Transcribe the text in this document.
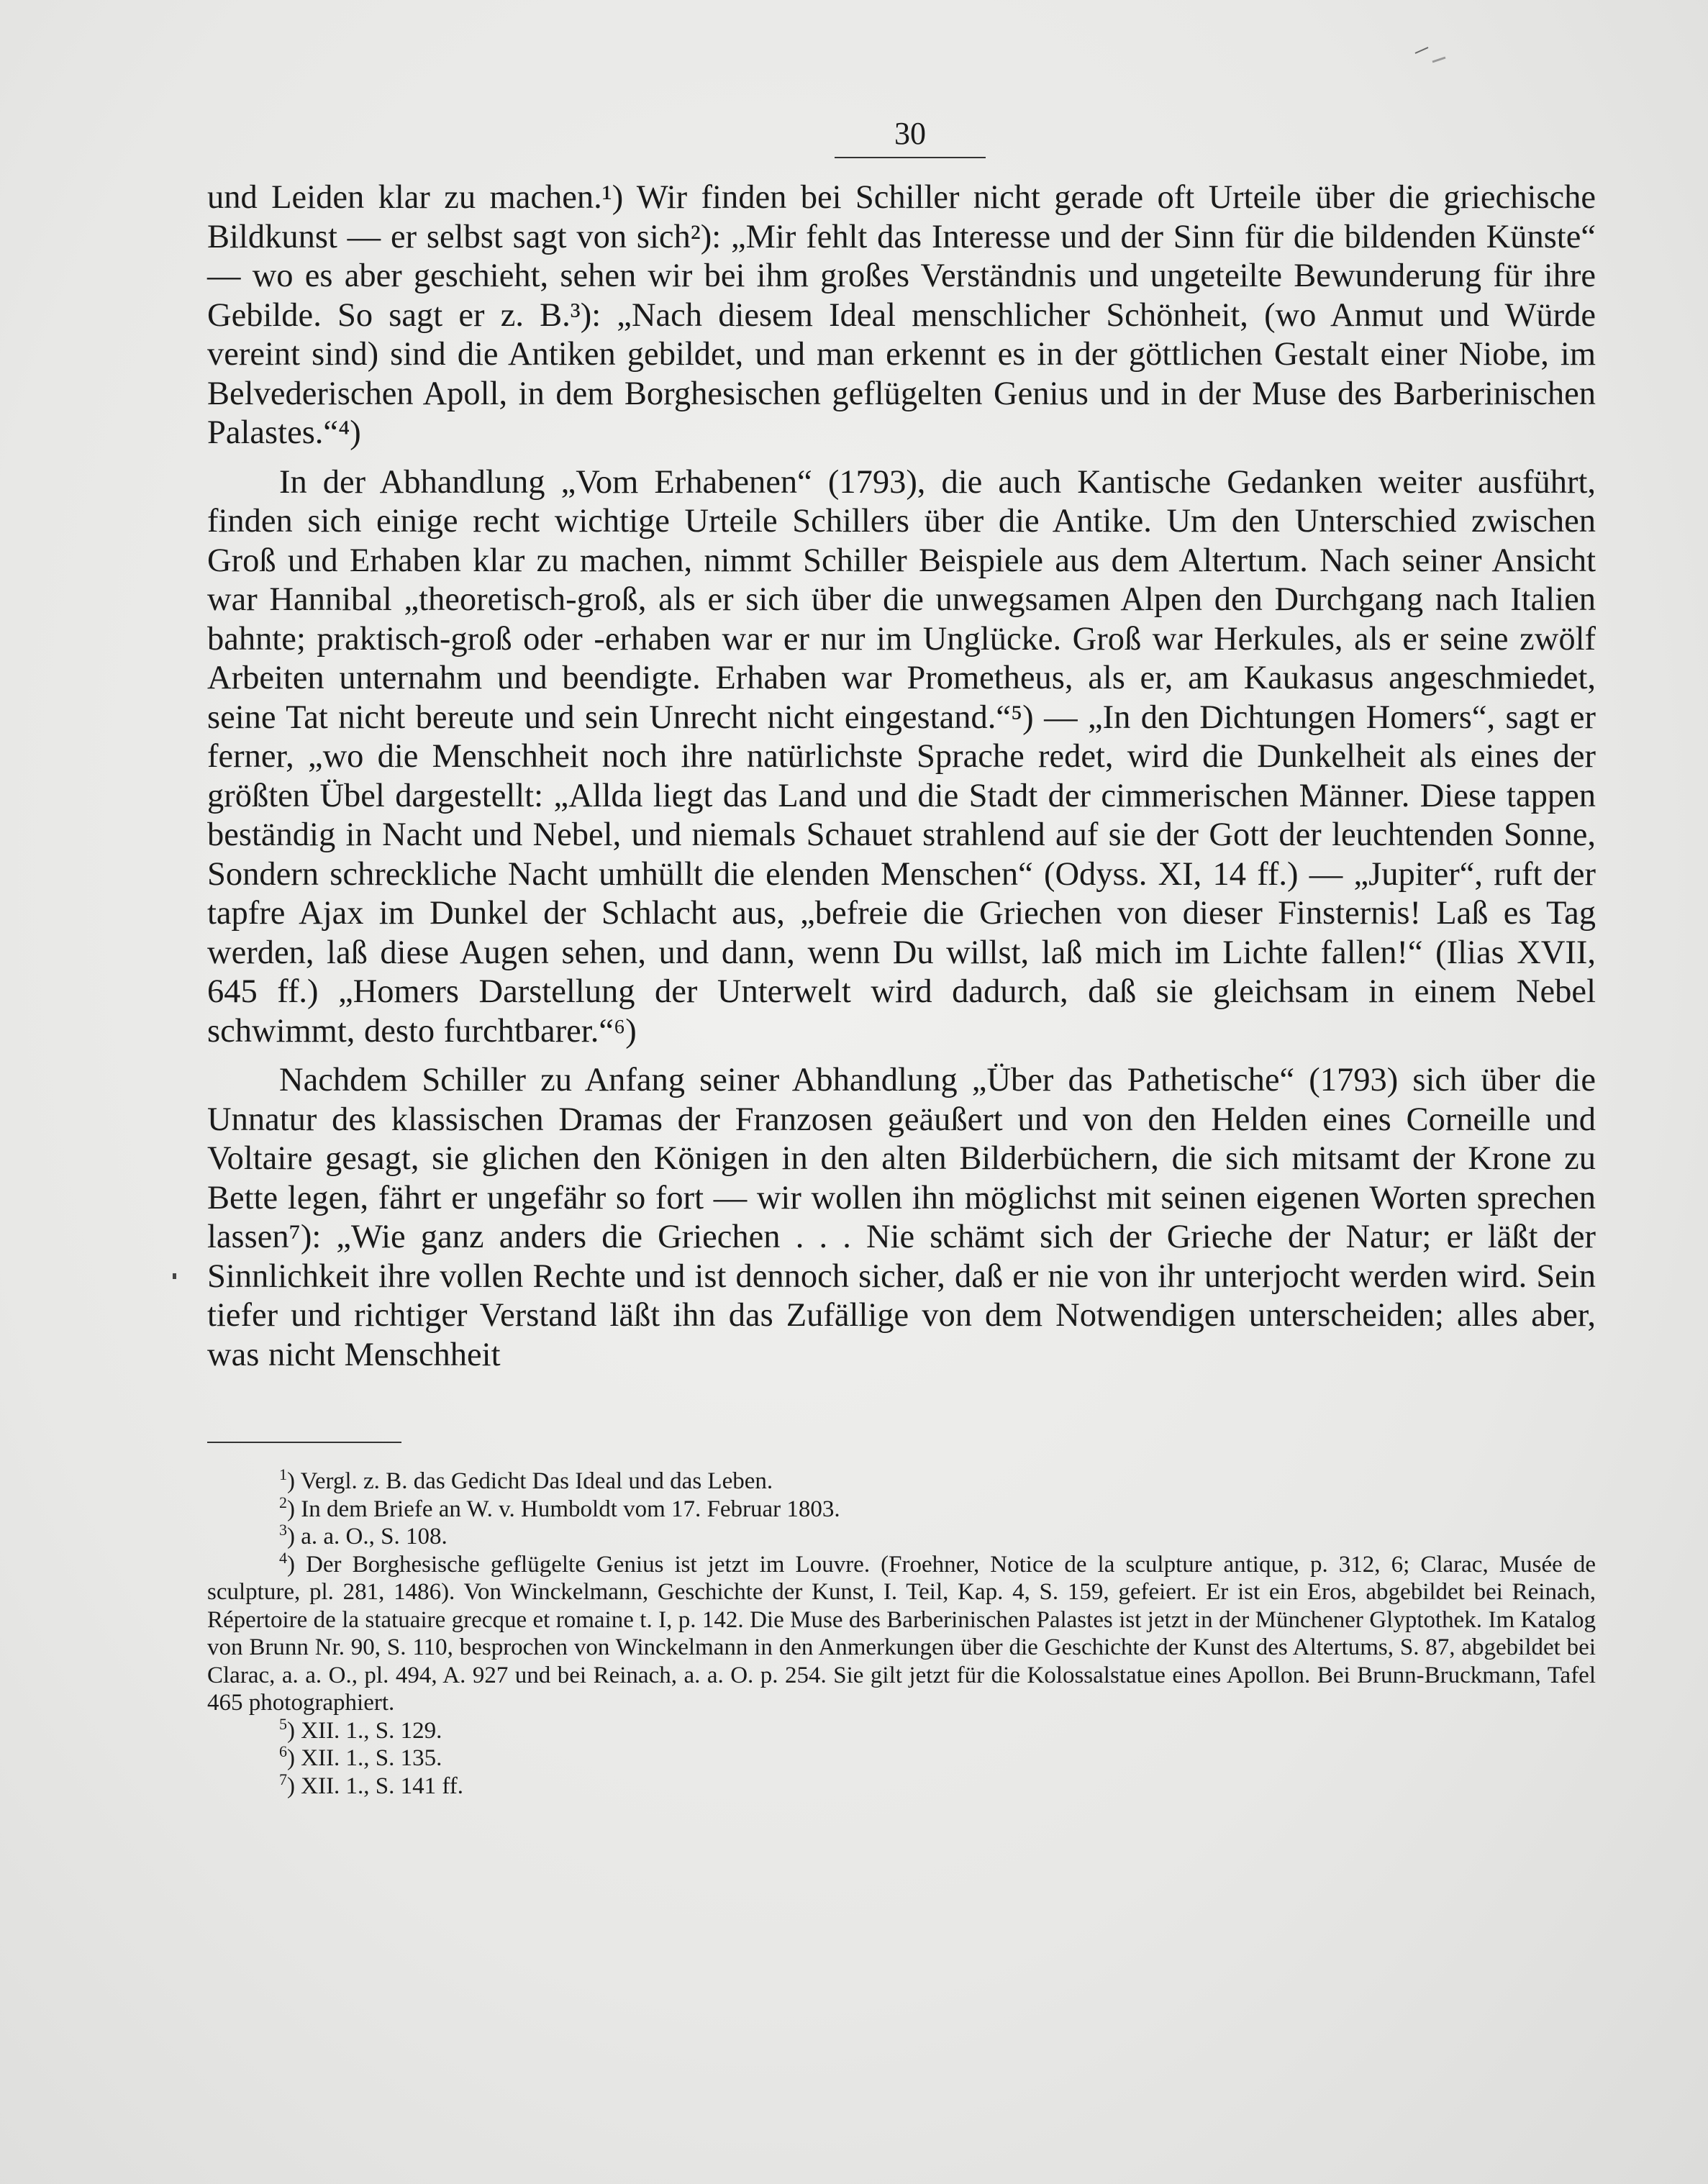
30

und Leiden klar zu machen.¹) Wir finden bei Schiller nicht gerade oft Urteile über die griechische Bildkunst — er selbst sagt von sich²): „Mir fehlt das Interesse und der Sinn für die bildenden Künste“ — wo es aber geschieht, sehen wir bei ihm großes Verständnis und ungeteilte Bewunderung für ihre Gebilde. So sagt er z. B.³): „Nach diesem Ideal menschlicher Schönheit, (wo Anmut und Würde vereint sind) sind die Antiken gebildet, und man erkennt es in der göttlichen Gestalt einer Niobe, im Belvederischen Apoll, in dem Borghesischen geflügelten Genius und in der Muse des Barberinischen Palastes.“⁴)

In der Abhandlung „Vom Erhabenen“ (1793), die auch Kantische Gedanken weiter ausführt, finden sich einige recht wichtige Urteile Schillers über die Antike. Um den Unterschied zwischen Groß und Erhaben klar zu machen, nimmt Schiller Beispiele aus dem Altertum. Nach seiner Ansicht war Hannibal „theoretisch-groß, als er sich über die unwegsamen Alpen den Durchgang nach Italien bahnte; praktisch-groß oder -erhaben war er nur im Unglücke. Groß war Herkules, als er seine zwölf Arbeiten unternahm und beendigte. Erhaben war Prometheus, als er, am Kaukasus angeschmiedet, seine Tat nicht bereute und sein Unrecht nicht eingestand.“⁵) — „In den Dichtungen Homers“, sagt er ferner, „wo die Menschheit noch ihre natürlichste Sprache redet, wird die Dunkelheit als eines der größten Übel dargestellt: „Allda liegt das Land und die Stadt der cimmerischen Männer. Diese tappen beständig in Nacht und Nebel, und niemals Schauet strahlend auf sie der Gott der leuchtenden Sonne, Sondern schreckliche Nacht umhüllt die elenden Menschen“ (Odyss. XI, 14 ff.) — „Jupiter“, ruft der tapfre Ajax im Dunkel der Schlacht aus, „befreie die Griechen von dieser Finsternis! Laß es Tag werden, laß diese Augen sehen, und dann, wenn Du willst, laß mich im Lichte fallen!“ (Ilias XVII, 645 ff.) „Homers Darstellung der Unterwelt wird dadurch, daß sie gleichsam in einem Nebel schwimmt, desto furchtbarer.“⁶)

Nachdem Schiller zu Anfang seiner Abhandlung „Über das Pathetische“ (1793) sich über die Unnatur des klassischen Dramas der Franzosen geäußert und von den Helden eines Corneille und Voltaire gesagt, sie glichen den Königen in den alten Bilderbüchern, die sich mitsamt der Krone zu Bette legen, fährt er ungefähr so fort — wir wollen ihn möglichst mit seinen eigenen Worten sprechen lassen⁷): „Wie ganz anders die Griechen . . . Nie schämt sich der Grieche der Natur; er läßt der Sinnlichkeit ihre vollen Rechte und ist dennoch sicher, daß er nie von ihr unterjocht werden wird. Sein tiefer und richtiger Verstand läßt ihn das Zufällige von dem Notwendigen unterscheiden; alles aber, was nicht Menschheit

$^1$) Vergl. z. B. das Gedicht Das Ideal und das Leben.

$^2$) In dem Briefe an W. v. Humboldt vom 17. Februar 1803.

$^3$) a. a. O., S. 108.

$^4$) Der Borghesische geflügelte Genius ist jetzt im Louvre. (Froehner, Notice de la sculpture antique, p. 312, 6; Clarac, Musée de sculpture, pl. 281, 1486). Von Winckelmann, Geschichte der Kunst, I. Teil, Kap. 4, S. 159, gefeiert. Er ist ein Eros, abgebildet bei Reinach, Répertoire de la statuaire grecque et romaine t. I, p. 142. Die Muse des Barberinischen Palastes ist jetzt in der Münchener Glyptothek. Im Katalog von Brunn Nr. 90, S. 110, besprochen von Winckelmann in den Anmerkungen über die Geschichte der Kunst des Altertums, S. 87, abgebildet bei Clarac, a. a. O., pl. 494, A. 927 und bei Reinach, a. a. O. p. 254. Sie gilt jetzt für die Kolossalstatue eines Apollon. Bei Brunn-Bruckmann, Tafel 465 photographiert.

$^5$) XII. 1., S. 129.

$^6$) XII. 1., S. 135.

$^7$) XII. 1., S. 141 ff.
